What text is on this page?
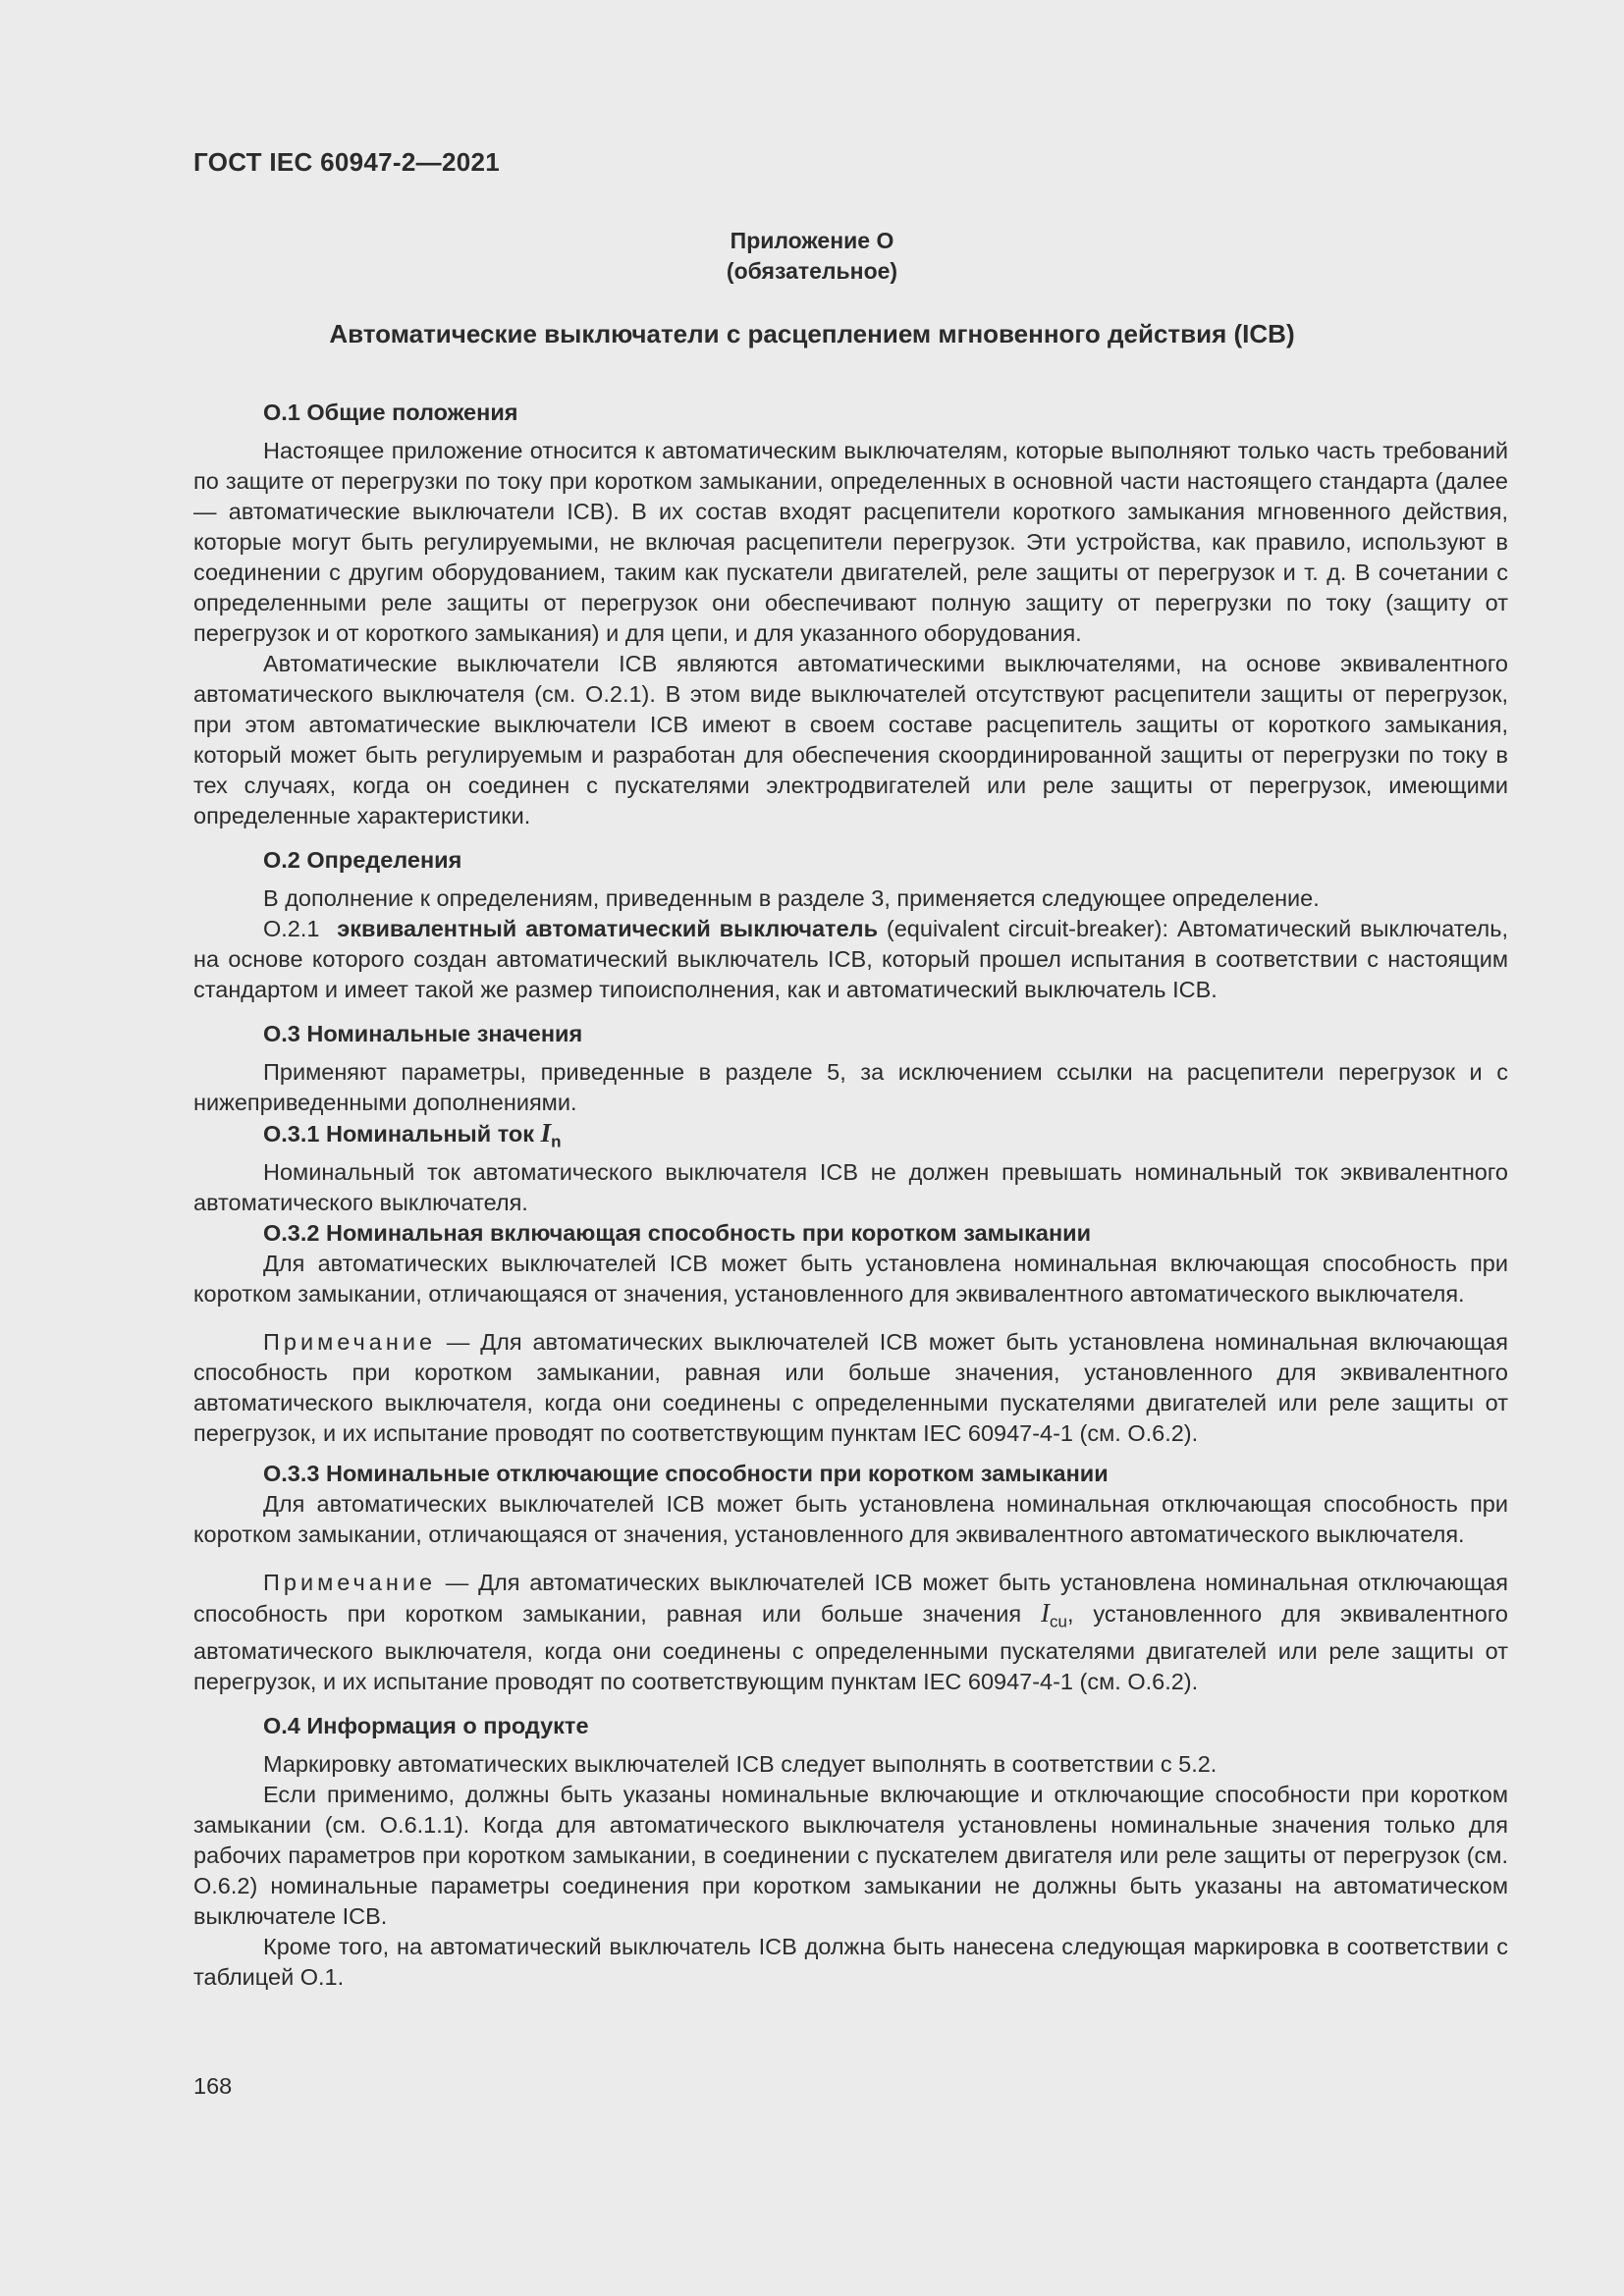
ГОСТ IEC 60947-2—2021
Приложение О
(обязательное)
Автоматические выключатели с расцеплением мгновенного действия (ICB)

О.1 Общие положения

Настоящее приложение относится к автоматическим выключателям, которые выполняют только часть требований по защите от перегрузки по току при коротком замыкании, определенных в основной части настоящего стандарта (далее — автоматические выключатели ICB). В их состав входят расцепители короткого замыкания мгновенного действия, которые могут быть регулируемыми, не включая расцепители перегрузок. Эти устройства, как правило, используют в соединении с другим оборудованием, таким как пускатели двигателей, реле защиты от перегрузок и т. д. В сочетании с определенными реле защиты от перегрузок они обеспечивают полную защиту от перегрузки по току (защиту от перегрузок и от короткого замыкания) и для цепи, и для указанного оборудования.

Автоматические выключатели ICB являются автоматическими выключателями, на основе эквивалентного автоматического выключателя (см. О.2.1). В этом виде выключателей отсутствуют расцепители защиты от перегрузок, при этом автоматические выключатели ICB имеют в своем составе расцепитель защиты от короткого замыкания, который может быть регулируемым и разработан для обеспечения скоординированной защиты от перегрузки по току в тех случаях, когда он соединен с пускателями электродвигателей или реле защиты от перегрузок, имеющими определенные характеристики.

О.2 Определения

В дополнение к определениям, приведенным в разделе 3, применяется следующее определение.

О.2.1 эквивалентный автоматический выключатель (equivalent circuit-breaker): Автоматический выключатель, на основе которого создан автоматический выключатель ICB, который прошел испытания в соответствии с настоящим стандартом и имеет такой же размер типоисполнения, как и автоматический выключатель ICB.

О.3 Номинальные значения

Применяют параметры, приведенные в разделе 5, за исключением ссылки на расцепители перегрузок и с нижеприведенными дополнениями.

О.3.1 Номинальный ток $I_n$

Номинальный ток автоматического выключателя ICB не должен превышать номинальный ток эквивалентного автоматического выключателя.

О.3.2 Номинальная включающая способность при коротком замыкании

Для автоматических выключателей ICB может быть установлена номинальная включающая способность при коротком замыкании, отличающаяся от значения, установленного для эквивалентного автоматического выключателя.

Примечание — Для автоматических выключателей ICB может быть установлена номинальная включающая способность при коротком замыкании, равная или больше значения, установленного для эквивалентного автоматического выключателя, когда они соединены с определенными пускателями двигателей или реле защиты от перегрузок, и их испытание проводят по соответствующим пунктам IEC 60947-4-1 (см. О.6.2).

О.3.3 Номинальные отключающие способности при коротком замыкании

Для автоматических выключателей ICB может быть установлена номинальная отключающая способность при коротком замыкании, отличающаяся от значения, установленного для эквивалентного автоматического выключателя.

Примечание — Для автоматических выключателей ICB может быть установлена номинальная отключающая способность при коротком замыкании, равная или больше значения $I_{cu}$, установленного для эквивалентного автоматического выключателя, когда они соединены с определенными пускателями двигателей или реле защиты от перегрузок, и их испытание проводят по соответствующим пунктам IEC 60947-4-1 (см. О.6.2).

О.4 Информация о продукте

Маркировку автоматических выключателей ICB следует выполнять в соответствии с 5.2.

Если применимо, должны быть указаны номинальные включающие и отключающие способности при коротком замыкании (см. О.6.1.1). Когда для автоматического выключателя установлены номинальные значения только для рабочих параметров при коротком замыкании, в соединении с пускателем двигателя или реле защиты от перегрузок (см. О.6.2) номинальные параметры соединения при коротком замыкании не должны быть указаны на автоматическом выключателе ICB.

Кроме того, на автоматический выключатель ICB должна быть нанесена следующая маркировка в соответствии с таблицей О.1.

168
